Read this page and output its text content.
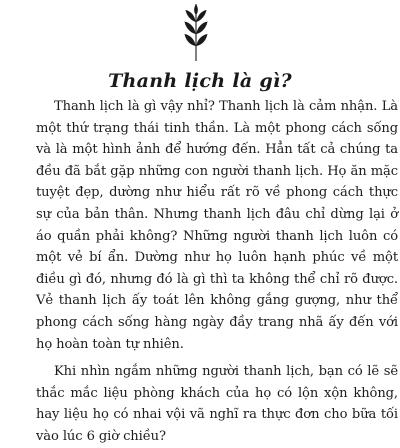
Thanh lịch là gì?

Thanh lịch là gì vậy nhỉ? Thanh lịch là cảm nhận. Là một thứ trạng thái tinh thần. Là một phong cách sống và là một hình ảnh để hướng đến. Hẳn tất cả chúng ta đều đã bắt gặp những con người thanh lịch. Họ ăn mặc tuyệt đẹp, dường như hiểu rất rõ về phong cách thực sự của bản thân. Nhưng thanh lịch đâu chỉ dừng lại ở áo quần phải không? Những người thanh lịch luôn có một vẻ bí ẩn. Dường như họ luôn hạnh phúc về một điều gì đó, nhưng đó là gì thì ta không thể chỉ rõ được. Vẻ thanh lịch ấy toát lên không gắng gượng, như thể phong cách sống hàng ngày đầy trang nhã ấy đến với họ hoàn toàn tự nhiên.

Khi nhìn ngắm những người thanh lịch, bạn có lẽ sẽ thắc mắc liệu phòng khách của họ có lộn xộn không, hay liệu họ có nhai vội vã nghĩ ra thực đơn cho bữa tối vào lúc 6 giờ chiều?
